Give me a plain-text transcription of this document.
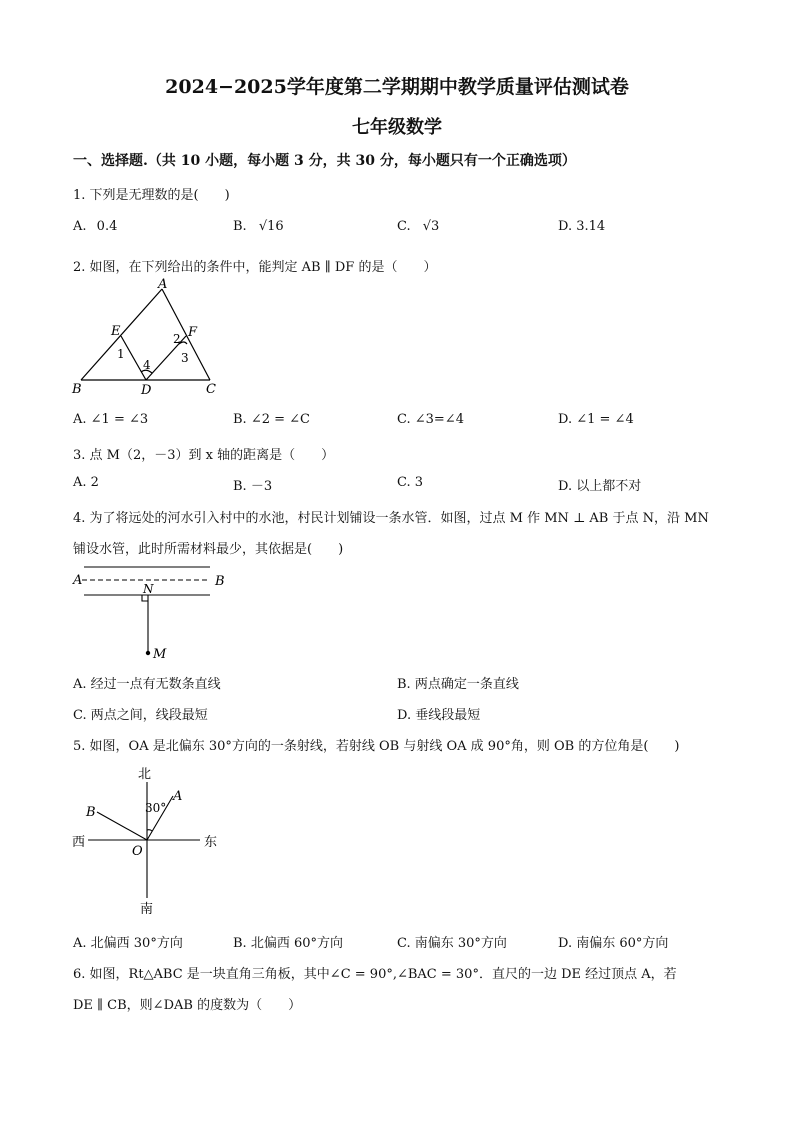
2024−2025学年度第二学期期中教学质量评估测试卷
七年级数学
一、选择题.（共 10 小题，每小题 3 分，共 30 分，每小题只有一个正确选项）
1. 下列是无理数的是(　　)
A. 0.4̇	B. √16	C. √3	D. 3.14
2. 如图，在下列给出的条件中，能判定 AB ∥ DF 的是（　　）
A
B	C
D
E	F
1
2
3
4
A. ∠1 = ∠3	B. ∠2 = ∠C	C. ∠3=∠4	D. ∠1 = ∠4
3. 点 M（2，－3）到 x 轴的距离是（　　）
A. 2	B. －3	C. 3	D. 以上都不对
4. 为了将远处的河水引入村中的水池，村民计划铺设一条水管．如图，过点 M 作 MN ⊥ AB 于点 N，沿 MN
铺设水管，此时所需材料最少，其依据是(　　)
A	B
N
M
A. 经过一点有无数条直线	B. 两点确定一条直线
C. 两点之间，线段最短	D. 垂线段最短
5. 如图，OA 是北偏东 30°方向的一条射线，若射线 OB 与射线 OA 成 90°角，则 OB 的方位角是(　　)
北
南
西	东
O
A
B	30°
A. 北偏西 30°方向	B. 北偏西 60°方向	C. 南偏东 30°方向	D. 南偏东 60°方向
6. 如图，Rt△ABC 是一块直角三角板，其中∠C = 90°,∠BAC = 30°．直尺的一边 DE 经过顶点 A，若
DE ∥ CB，则∠DAB 的度数为（　　）
